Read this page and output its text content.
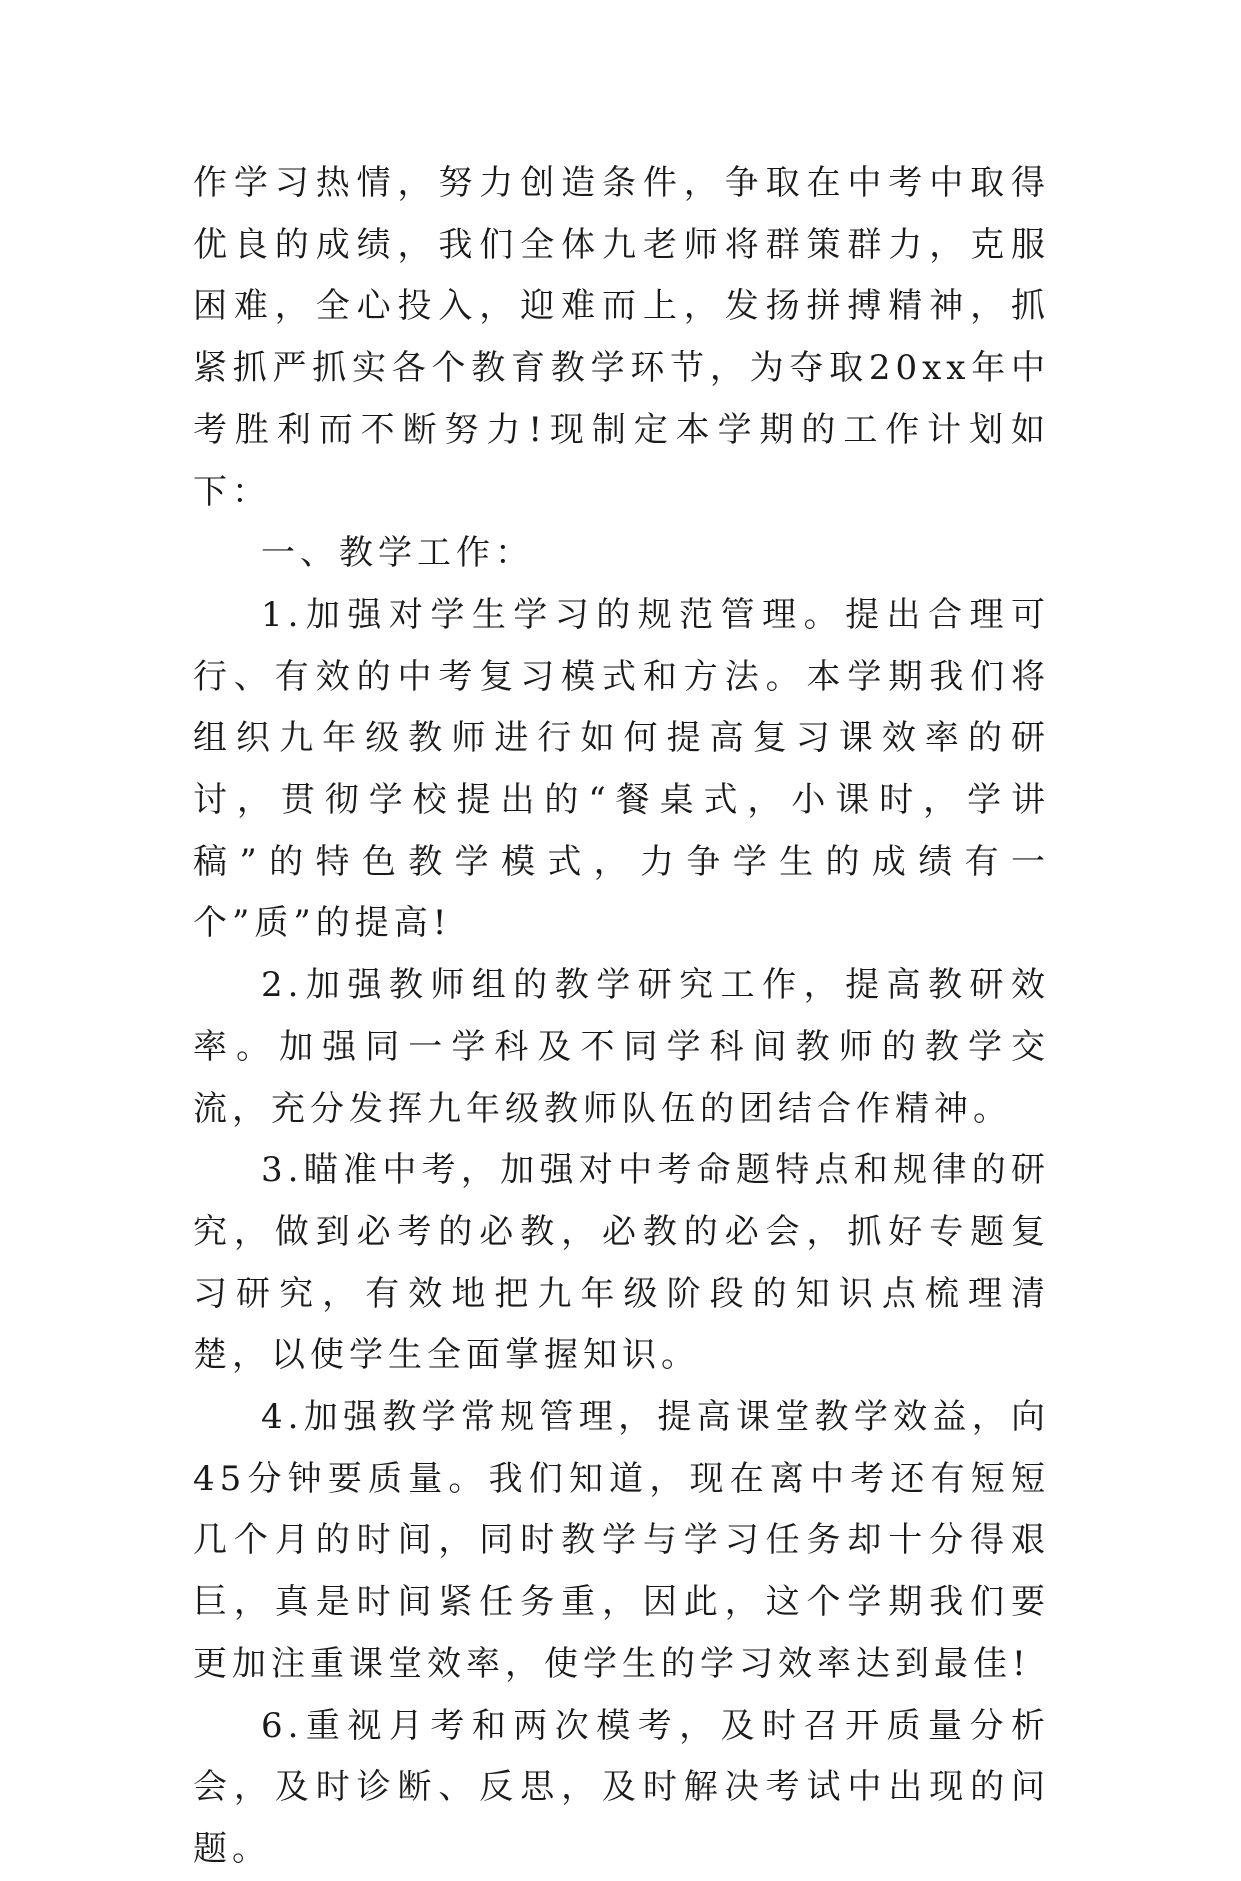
作学习热情，努力创造条件，争取在中考中取得优良的成绩，我们全体九老师将群策群力，克服困难，全心投入，迎难而上，发扬拼搏精神，抓紧抓严抓实各个教育教学环节，为夺取20xx年中考胜利而不断努力!现制定本学期的工作计划如下：

一、教学工作：

1.加强对学生学习的规范管理。提出合理可行、有效的中考复习模式和方法。本学期我们将组织九年级教师进行如何提高复习课效率的研讨，贯彻学校提出的“餐桌式，小课时，学讲稿”的特色教学模式，力争学生的成绩有一个”质”的提高!

2.加强教师组的教学研究工作，提高教研效率。加强同一学科及不同学科间教师的教学交流，充分发挥九年级教师队伍的团结合作精神。

3.瞄准中考，加强对中考命题特点和规律的研究，做到必考的必教，必教的必会，抓好专题复习研究，有效地把九年级阶段的知识点梳理清楚，以使学生全面掌握知识。

4.加强教学常规管理，提高课堂教学效益，向45分钟要质量。我们知道，现在离中考还有短短几个月的时间，同时教学与学习任务却十分得艰巨，真是时间紧任务重，因此，这个学期我们要更加注重课堂效率，使学生的学习效率达到最佳!

6.重视月考和两次模考，及时召开质量分析会，及时诊断、反思，及时解决考试中出现的问题。
